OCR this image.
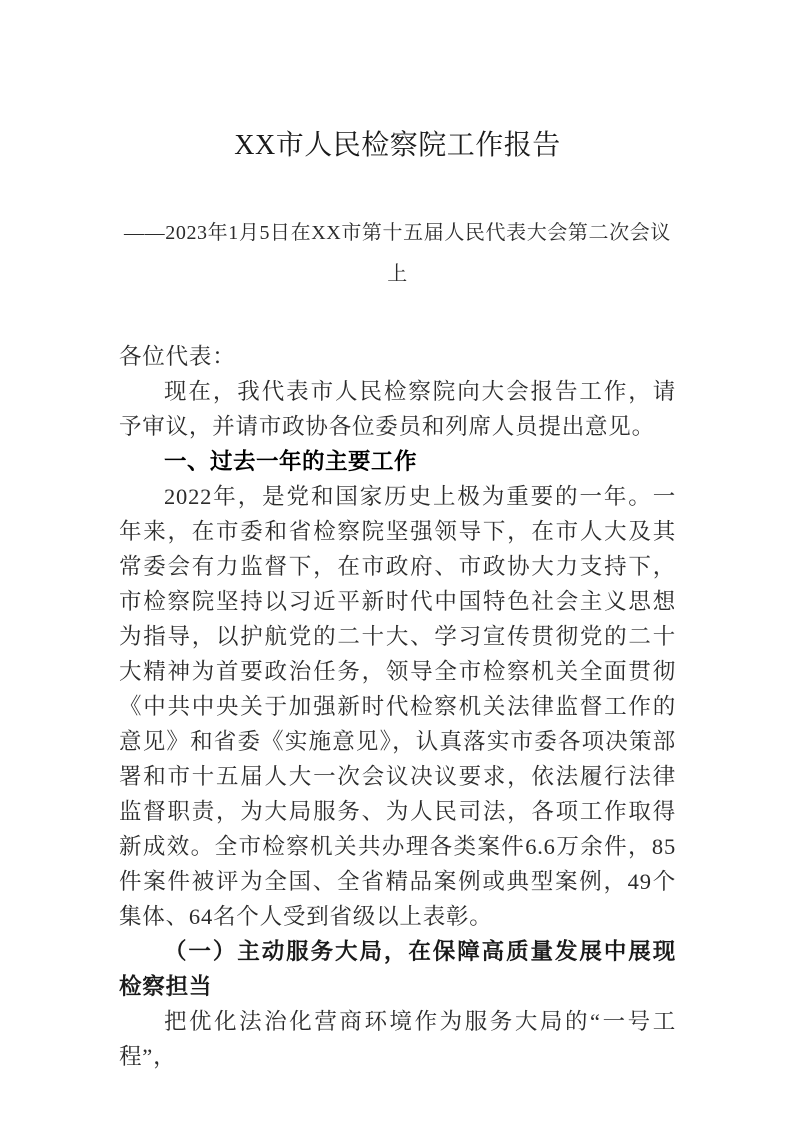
XX市人民检察院工作报告

——2023年1月5日在XX市第十五届人民代表大会第二次会议上

各位代表：

现在，我代表市人民检察院向大会报告工作，请予审议，并请市政协各位委员和列席人员提出意见。

一、过去一年的主要工作

2022年，是党和国家历史上极为重要的一年。一年来，在市委和省检察院坚强领导下，在市人大及其常委会有力监督下，在市政府、市政协大力支持下，市检察院坚持以习近平新时代中国特色社会主义思想为指导，以护航党的二十大、学习宣传贯彻党的二十大精神为首要政治任务，领导全市检察机关全面贯彻《中共中央关于加强新时代检察机关法律监督工作的意见》和省委《实施意见》，认真落实市委各项决策部署和市十五届人大一次会议决议要求，依法履行法律监督职责，为大局服务、为人民司法，各项工作取得新成效。全市检察机关共办理各类案件6.6万余件，85件案件被评为全国、全省精品案例或典型案例，49个集体、64名个人受到省级以上表彰。

（一）主动服务大局，在保障高质量发展中展现检察担当

把优化法治化营商环境作为服务大局的“一号工程”，
